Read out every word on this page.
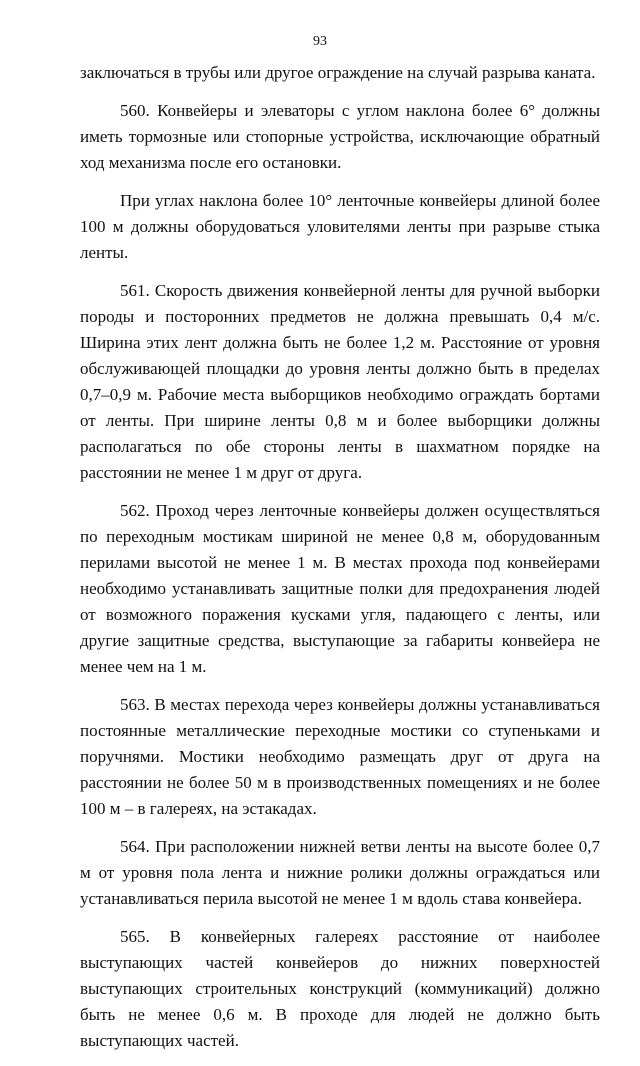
93

заключаться в трубы или другое ограждение на случай разрыва каната.

560. Конвейеры и элеваторы с углом наклона более 6° должны иметь тормозные или стопорные устройства, исключающие обратный ход механизма после его остановки.

При углах наклона более 10° ленточные конвейеры длиной более 100 м должны оборудоваться уловителями ленты при разрыве стыка ленты.

561. Скорость движения конвейерной ленты для ручной выборки породы и посторонних предметов не должна превышать 0,4 м/с. Ширина этих лент должна быть не более 1,2 м. Расстояние от уровня обслуживающей площадки до уровня ленты должно быть в пределах 0,7–0,9 м. Рабочие места выборщиков необходимо ограждать бортами от ленты. При ширине ленты 0,8 м и более выборщики должны располагаться по обе стороны ленты в шахматном порядке на расстоянии не менее 1 м друг от друга.

562. Проход через ленточные конвейеры должен осуществляться по переходным мостикам шириной не менее 0,8 м, оборудованным перилами высотой не менее 1 м. В местах прохода под конвейерами необходимо устанавливать защитные полки для предохранения людей от возможного поражения кусками угля, падающего с ленты, или другие защитные средства, выступающие за габариты конвейера не менее чем на 1 м.

563. В местах перехода через конвейеры должны устанавливаться постоянные металлические переходные мостики со ступеньками и поручнями. Мостики необходимо размещать друг от друга на расстоянии не более 50 м в производственных помещениях и не более 100 м – в галереях, на эстакадах.

564. При расположении нижней ветви ленты на высоте более 0,7 м от уровня пола лента и нижние ролики должны ограждаться или устанавливаться перила высотой не менее 1 м вдоль става конвейера.

565. В конвейерных галереях расстояние от наиболее выступающих частей конвейеров до нижних поверхностей выступающих строительных конструкций (коммуникаций) должно быть не менее 0,6 м. В проходе для людей не должно быть выступающих частей.
